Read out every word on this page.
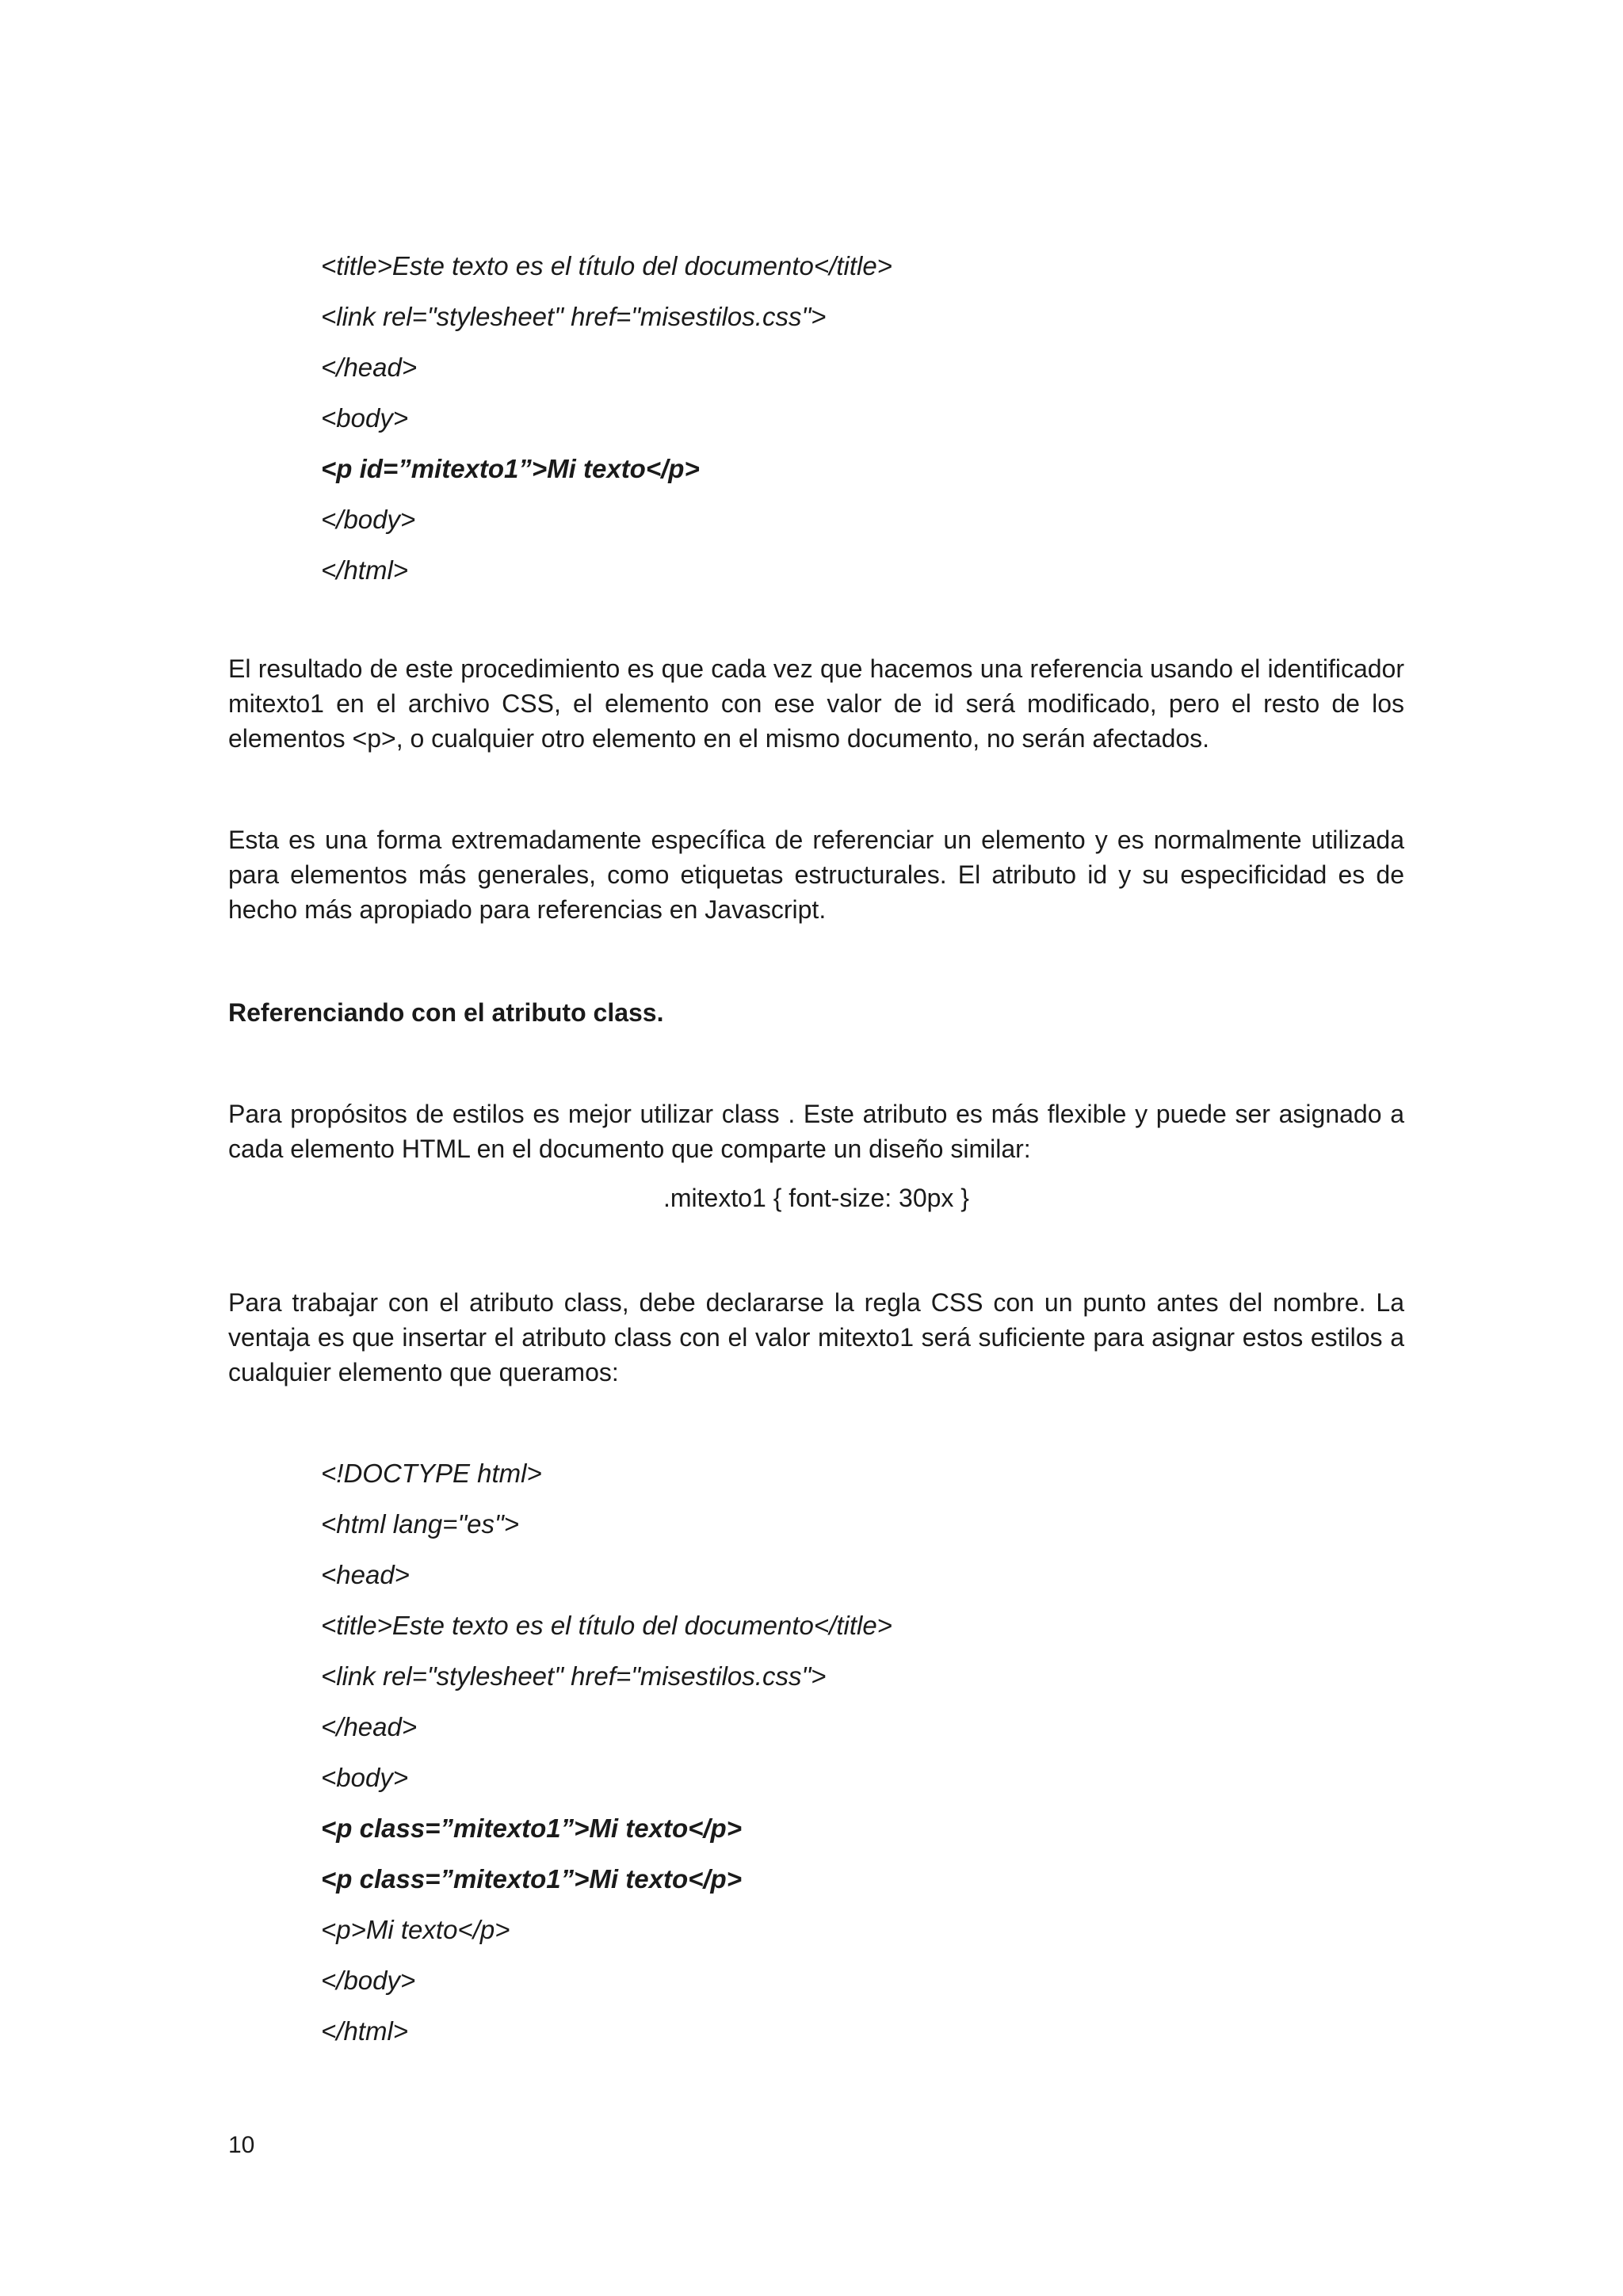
<title>Este texto es el título del documento</title>
<link rel="stylesheet" href="misestilos.css">
</head>
<body>
<p id=”mitexto1”>Mi texto</p>
</body>
</html>

El resultado de este procedimiento es que cada vez que hacemos una referencia usando el identificador mitexto1 en el archivo CSS, el elemento con ese valor de id será modificado, pero el resto de los elementos <p>, o cualquier otro elemento en el mismo documento, no serán afectados.

Esta es una forma extremadamente específica de referenciar un elemento y es normalmente utilizada para elementos más generales, como etiquetas estructurales. El atributo id y su especificidad es de hecho más apropiado para referencias en Javascript.

Referenciando con el atributo class.

Para propósitos de estilos es mejor utilizar class . Este atributo es más flexible y puede ser asignado a cada elemento HTML en el documento que comparte un diseño similar:

.mitexto1 { font-size: 30px }

Para trabajar con el atributo class, debe declararse la regla CSS con un punto antes del nombre. La ventaja es que insertar el atributo class con el valor mitexto1 será suficiente para asignar estos estilos a cualquier elemento que queramos:

<!DOCTYPE html>
<html lang="es">
<head>
<title>Este texto es el título del documento</title>
<link rel="stylesheet" href="misestilos.css">
</head>
<body>
<p class=”mitexto1”>Mi texto</p>
<p class=”mitexto1”>Mi texto</p>
<p>Mi texto</p>
</body>
</html>
10
